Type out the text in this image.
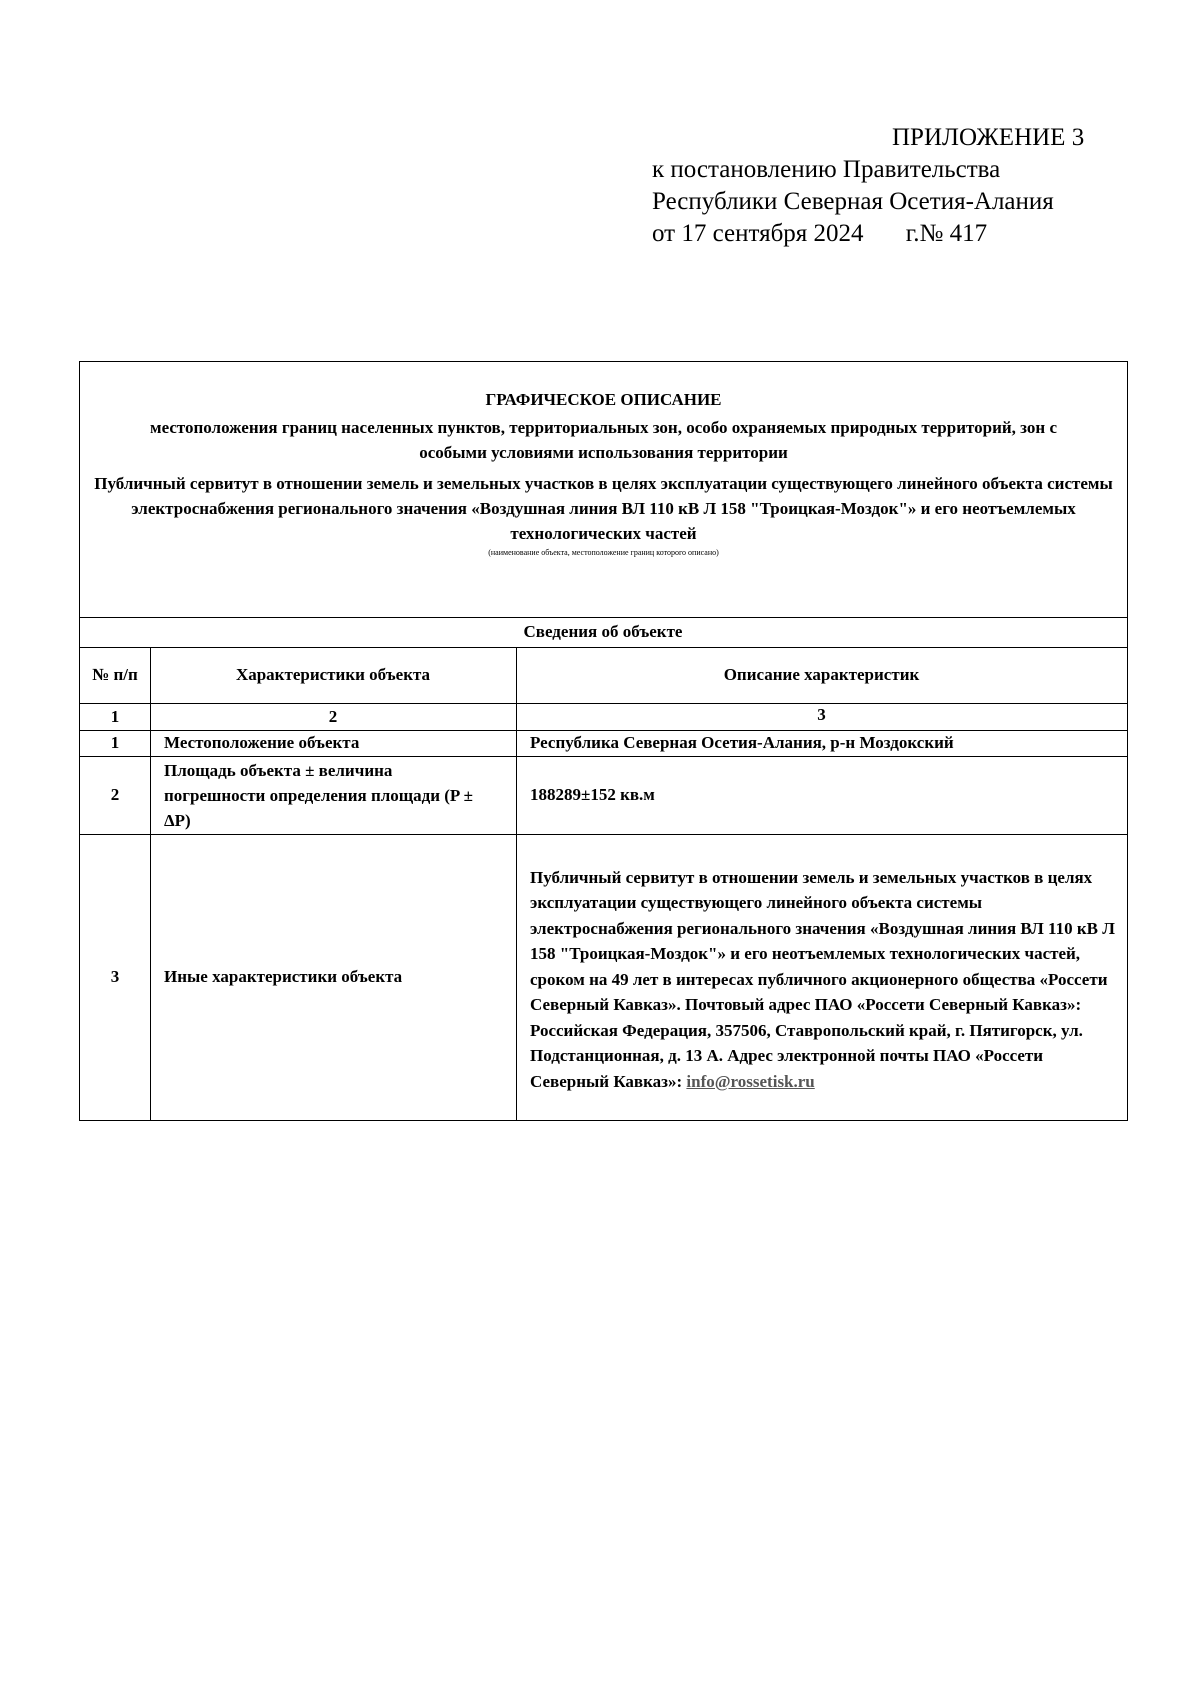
ПРИЛОЖЕНИЕ 3
к постановлению Правительства
Республики Северная Осетия-Алания
от 17 сентября 2024 г.№ 417
ГРАФИЧЕСКОЕ ОПИСАНИЕ
местоположения границ населенных пунктов, территориальных зон, особо охраняемых природных территорий, зон с особыми условиями использования территории
Публичный сервитут в отношении земель и земельных участков в целях эксплуатации существующего линейного объекта системы электроснабжения регионального значения «Воздушная линия ВЛ 110 кВ Л 158 "Троицкая-Моздок"» и его неотъемлемых
технологических частей
(наименование объекта, местоположение границ которого описано)
Сведения об объекте		
№ п/п	Характеристики объекта	Описание характеристик
1	2	3
1	Местоположение объекта	Республика Северная Осетия-Алания, р-н Моздокский
2	Площадь объекта ± величина погрешности определения площади (P ± ΔP)	188289±152 кв.м
3	Иные характеристики объекта	Публичный сервитут в отношении земель и земельных участков в целях эксплуатации существующего линейного объекта системы электроснабжения регионального значения «Воздушная линия ВЛ 110 кВ Л 158 "Троицкая-Моздок"» и его неотъемлемых технологических частей, сроком на 49 лет в интересах публичного акционерного общества «Россети Северный Кавказ». Почтовый адрес ПАО «Россети Северный Кавказ»: Российская Федерация, 357506, Ставропольский край, г. Пятигорск, ул. Подстанционная, д. 13 А. Адрес электронной почты ПАО «Россети Северный Кавказ»: info@rossetisk.ru
